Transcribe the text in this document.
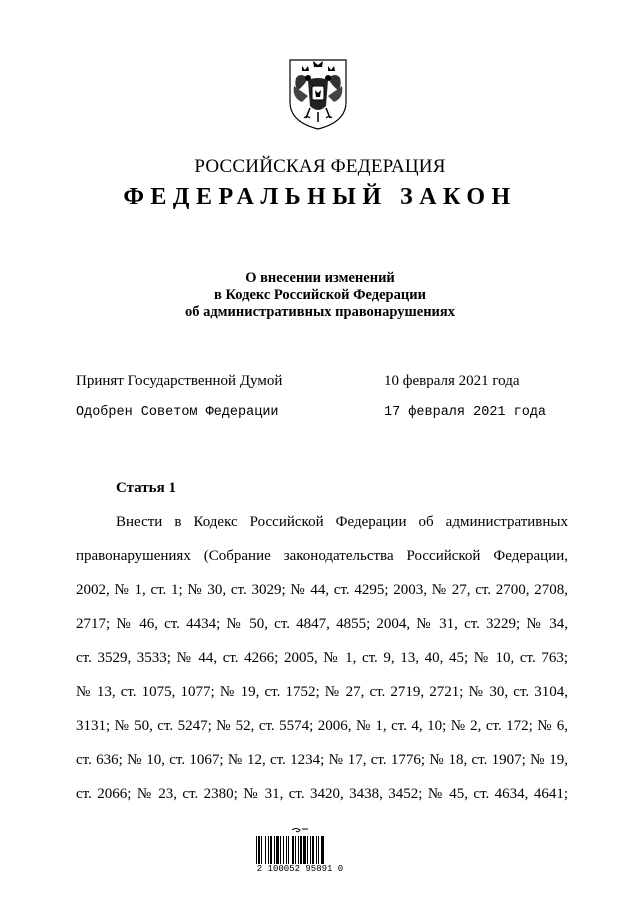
РОССИЙСКАЯ ФЕДЕРАЦИЯ
ФЕДЕРАЛЬНЫЙ ЗАКОН
О внесении изменений
в Кодекс Российской Федерации
об административных правонарушениях
Принят Государственной Думой	10 февраля 2021 года
Одобрен Советом Федерации	17 февраля 2021 года
Статья 1
Внести в Кодекс Российской Федерации об административных
правонарушениях (Собрание законодательства Российской Федерации,
2002, № 1, ст. 1; № 30, ст. 3029; № 44, ст. 4295; 2003, № 27, ст. 2700, 2708,
2717; № 46, ст. 4434; № 50, ст. 4847, 4855; 2004, № 31, ст. 3229; № 34,
ст. 3529, 3533; № 44, ст. 4266; 2005, № 1, ст. 9, 13, 40, 45; № 10, ст. 763;
№ 13, ст. 1075, 1077; № 19, ст. 1752; № 27, ст. 2719, 2721; № 30, ст. 3104,
3131; № 50, ст. 5247; № 52, ст. 5574; 2006, № 1, ст. 4, 10; № 2, ст. 172; № 6,
ст. 636; № 10, ст. 1067; № 12, ст. 1234; № 17, ст. 1776; № 18, ст. 1907; № 19,
ст. 2066; № 23, ст. 2380; № 31, ст. 3420, 3438, 3452; № 45, ст. 4634, 4641;
2 100052 95891 0
